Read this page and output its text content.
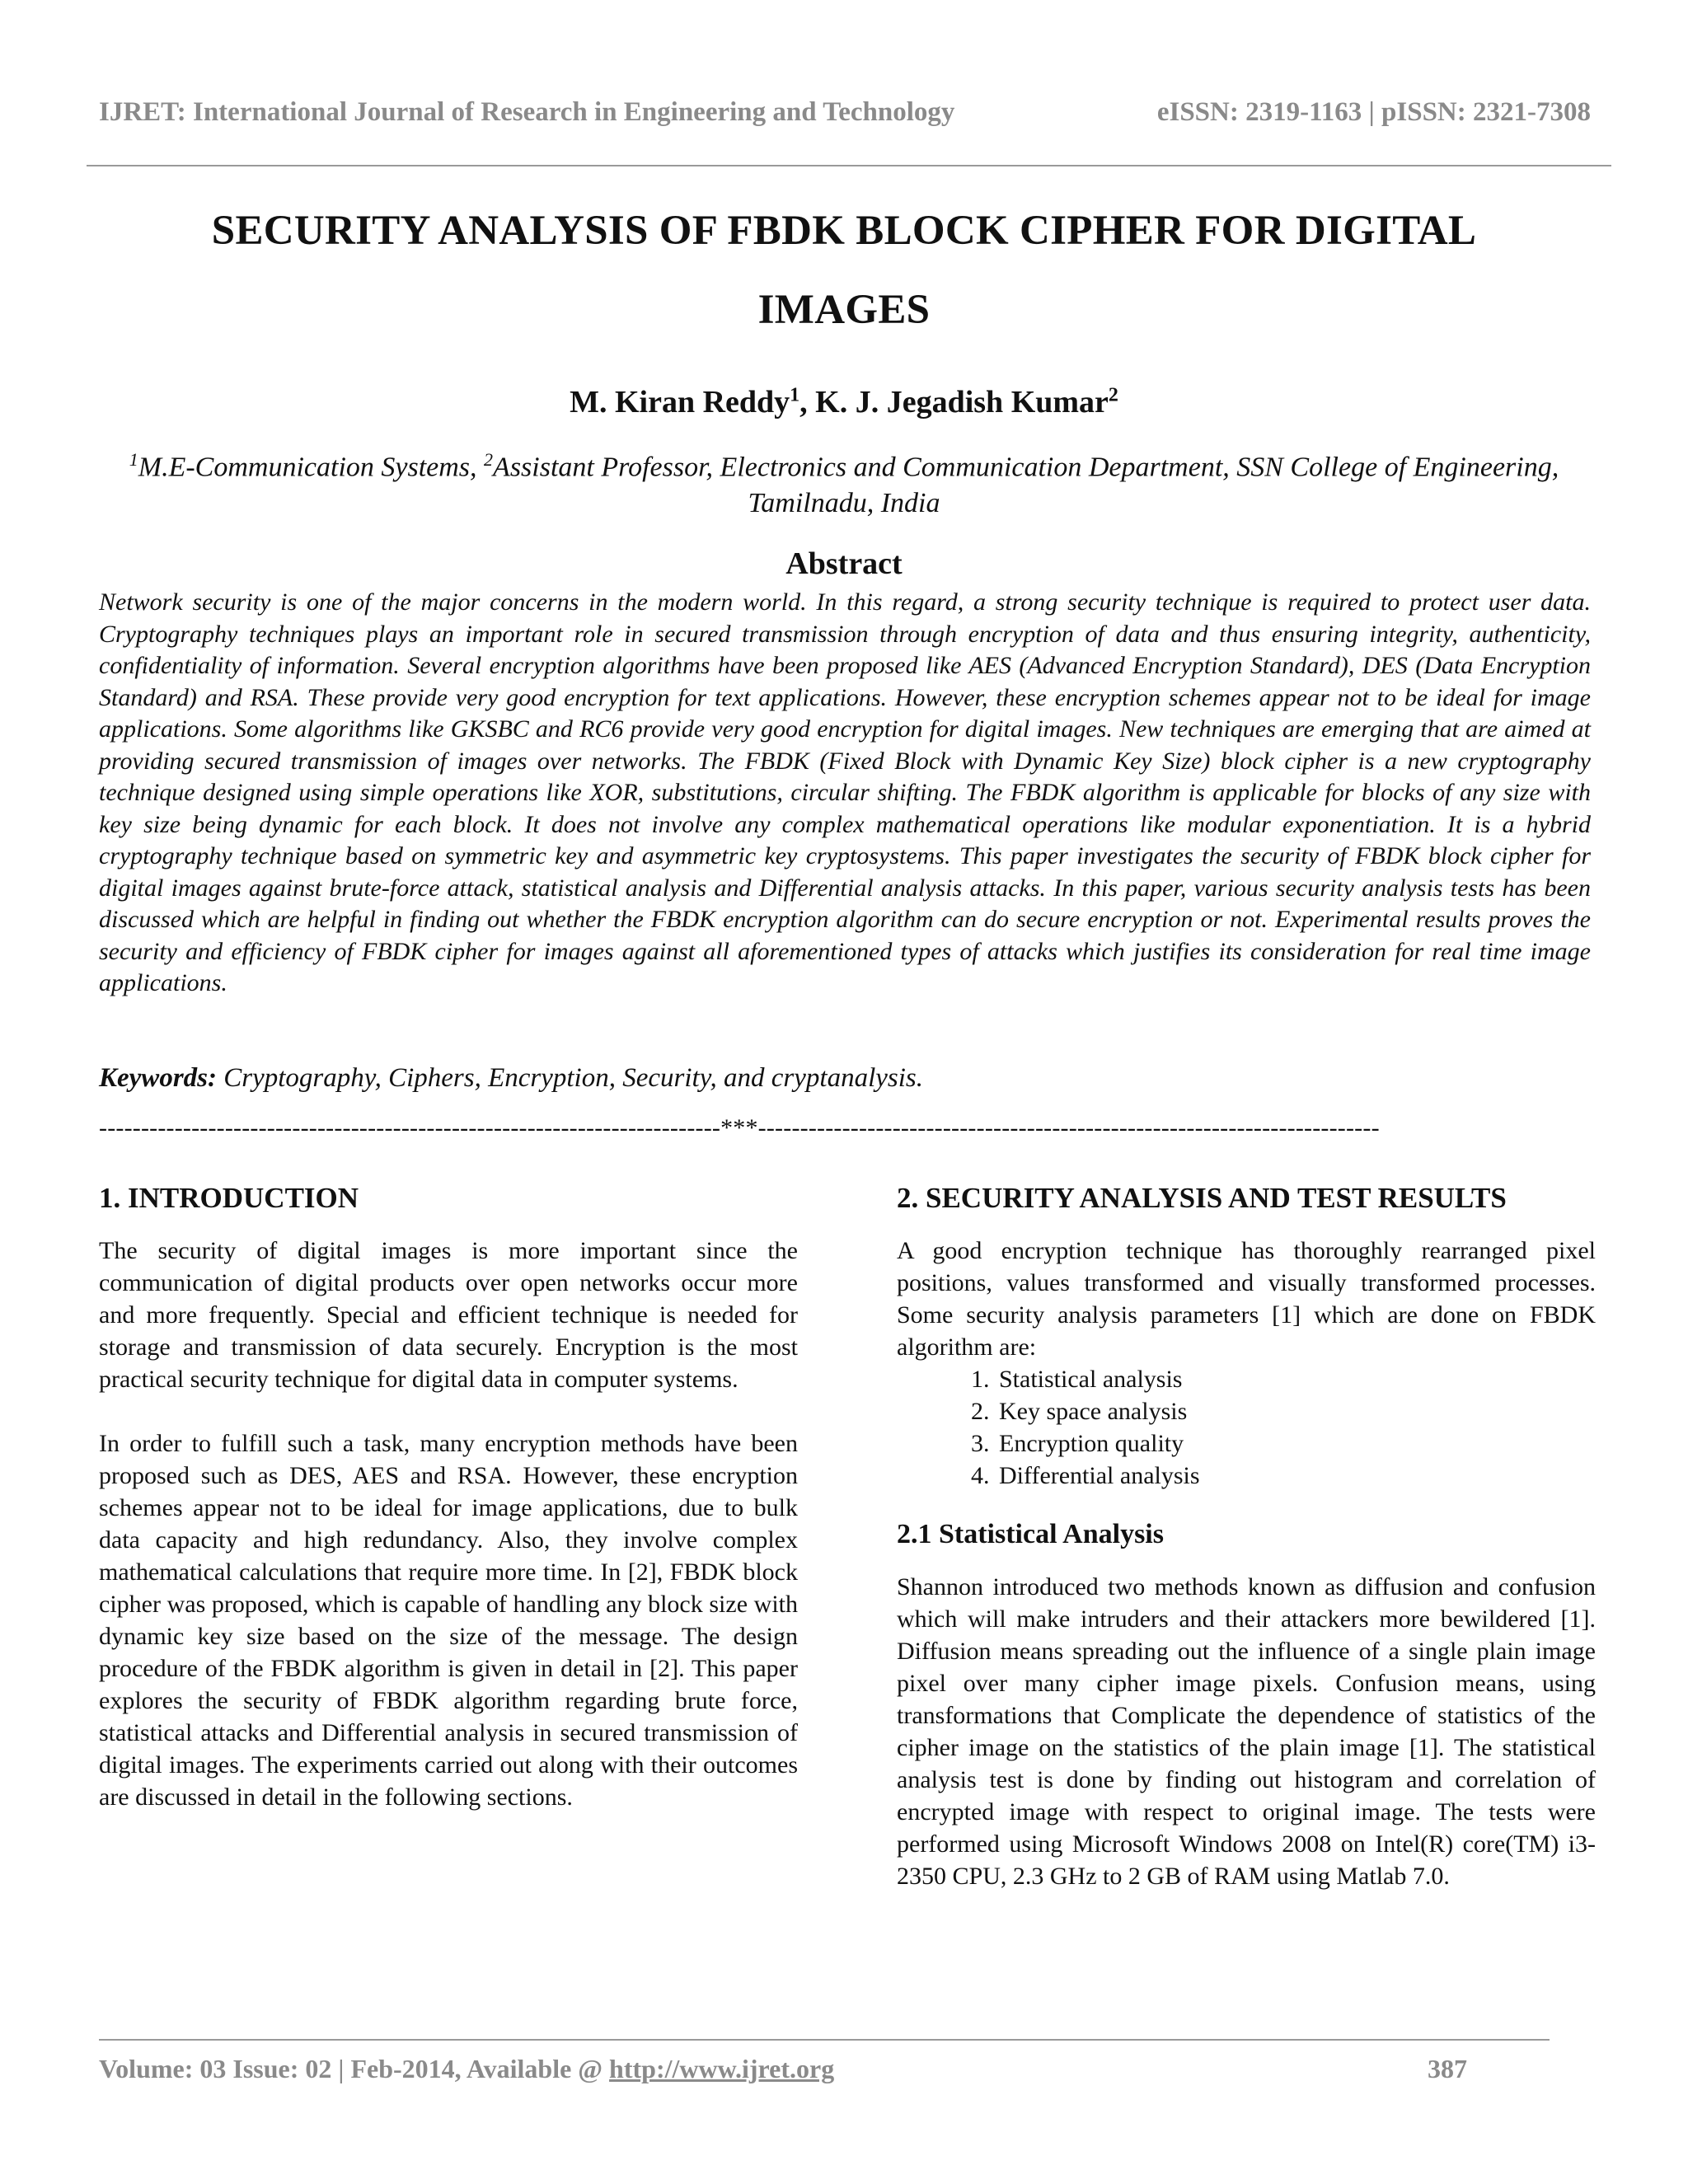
IJRET: International Journal of Research in Engineering and Technology	eISSN: 2319-1163 | pISSN: 2321-7308
SECURITY ANALYSIS OF FBDK BLOCK CIPHER FOR DIGITAL IMAGES
M. Kiran Reddy$^1$, K. J. Jegadish Kumar$^2$
$^1$M.E-Communication Systems, $^2$Assistant Professor, Electronics and Communication Department, SSN College of Engineering, Tamilnadu, India
Abstract
Network security is one of the major concerns in the modern world. In this regard, a strong security technique is required to protect user data. Cryptography techniques plays an important role in secured transmission through encryption of data and thus ensuring integrity, authenticity, confidentiality of information. Several encryption algorithms have been proposed like AES (Advanced Encryption Standard), DES (Data Encryption Standard) and RSA. These provide very good encryption for text applications. However, these encryption schemes appear not to be ideal for image applications. Some algorithms like GKSBC and RC6 provide very good encryption for digital images. New techniques are emerging that are aimed at providing secured transmission of images over networks. The FBDK (Fixed Block with Dynamic Key Size) block cipher is a new cryptography technique designed using simple operations like XOR, substitutions, circular shifting. The FBDK algorithm is applicable for blocks of any size with key size being dynamic for each block. It does not involve any complex mathematical operations like modular exponentiation. It is a hybrid cryptography technique based on symmetric key and asymmetric key cryptosystems. This paper investigates the security of FBDK block cipher for digital images against brute-force attack, statistical analysis and Differential analysis attacks. In this paper, various security analysis tests has been discussed which are helpful in finding out whether the FBDK encryption algorithm can do secure encryption or not. Experimental results proves the security and efficiency of FBDK cipher for images against all aforementioned types of attacks which justifies its consideration for real time image applications.
Keywords: Cryptography, Ciphers, Encryption, Security, and cryptanalysis.
--------------------------------------------------------------------------***--------------------------------------------------------------------------
1. INTRODUCTION

The security of digital images is more important since the communication of digital products over open networks occur more and more frequently. Special and efficient technique is needed for storage and transmission of data securely. Encryption is the most practical security technique for digital data in computer systems.

In order to fulfill such a task, many encryption methods have been proposed such as DES, AES and RSA. However, these encryption schemes appear not to be ideal for image applications, due to bulk data capacity and high redundancy. Also, they involve complex mathematical calculations that require more time. In [2], FBDK block cipher was proposed, which is capable of handling any block size with dynamic key size based on the size of the message. The design procedure of the FBDK algorithm is given in detail in [2]. This paper explores the security of FBDK algorithm regarding brute force, statistical attacks and Differential analysis in secured transmission of digital images. The experiments carried out along with their outcomes are discussed in detail in the following sections.

2. SECURITY ANALYSIS AND TEST RESULTS

A good encryption technique has thoroughly rearranged pixel positions, values transformed and visually transformed processes. Some security analysis parameters [1] which are done on FBDK algorithm are:

1. Statistical analysis
2. Key space analysis
3. Encryption quality
4. Differential analysis
2.1 Statistical Analysis

Shannon introduced two methods known as diffusion and confusion which will make intruders and their attackers more bewildered [1]. Diffusion means spreading out the influence of a single plain image pixel over many cipher image pixels. Confusion means, using transformations that Complicate the dependence of statistics of the cipher image on the statistics of the plain image [1]. The statistical analysis test is done by finding out histogram and correlation of encrypted image with respect to original image. The tests were performed using Microsoft Windows 2008 on Intel(R) core(TM) i3-2350 CPU, 2.3 GHz to 2 GB of RAM using Matlab 7.0.

Volume: 03 Issue: 02 | Feb-2014, Available @ http://www.ijret.org	387
